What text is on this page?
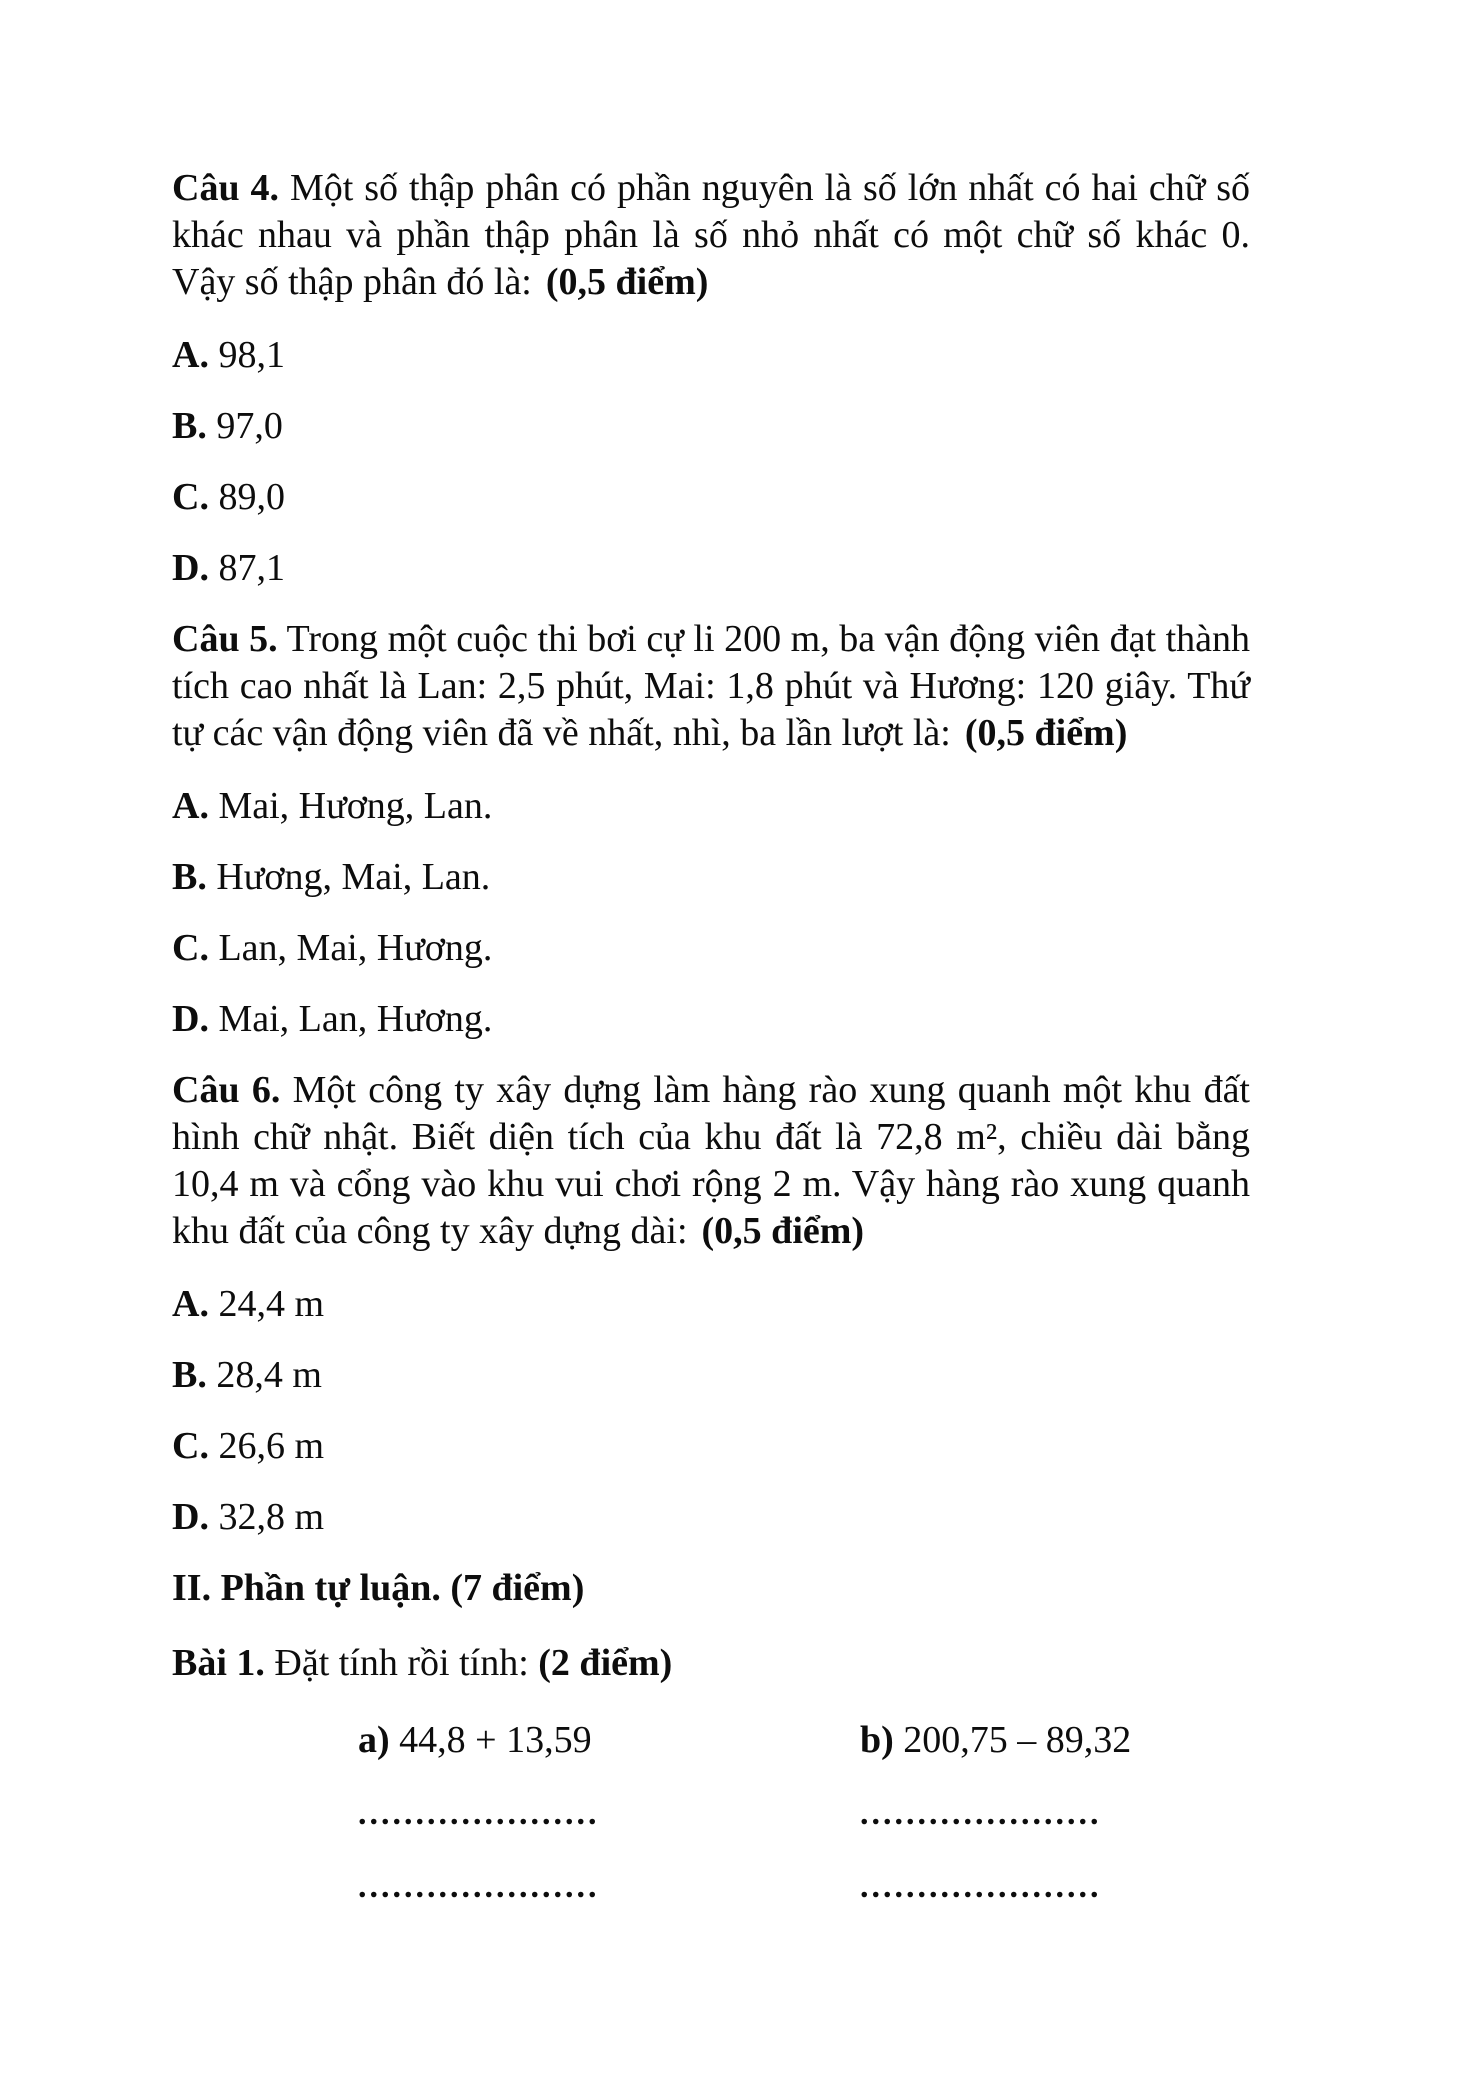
Câu 4. Một số thập phân có phần nguyên là số lớn nhất có hai chữ số khác nhau và phần thập phân là số nhỏ nhất có một chữ số khác 0. Vậy số thập phân đó là: (0,5 điểm)

A. 98,1

B. 97,0

C. 89,0

D. 87,1

Câu 5. Trong một cuộc thi bơi cự li 200 m, ba vận động viên đạt thành tích cao nhất là Lan: 2,5 phút, Mai: 1,8 phút và Hương: 120 giây. Thứ tự các vận động viên đã về nhất, nhì, ba lần lượt là: (0,5 điểm)

A. Mai, Hương, Lan.

B. Hương, Mai, Lan.

C. Lan, Mai, Hương.

D. Mai, Lan, Hương.

Câu 6. Một công ty xây dựng làm hàng rào xung quanh một khu đất hình chữ nhật. Biết diện tích của khu đất là 72,8 m², chiều dài bằng 10,4 m và cổng vào khu vui chơi rộng 2 m. Vậy hàng rào xung quanh khu đất của công ty xây dựng dài: (0,5 điểm)

A. 24,4 m

B. 28,4 m

C. 26,6 m

D. 32,8 m

II. Phần tự luận. (7 điểm)

Bài 1. Đặt tính rồi tính: (2 điểm)

a) 44,8 + 13,59

.....................

.....................

b) 200,75 – 89,32

.....................

.....................
